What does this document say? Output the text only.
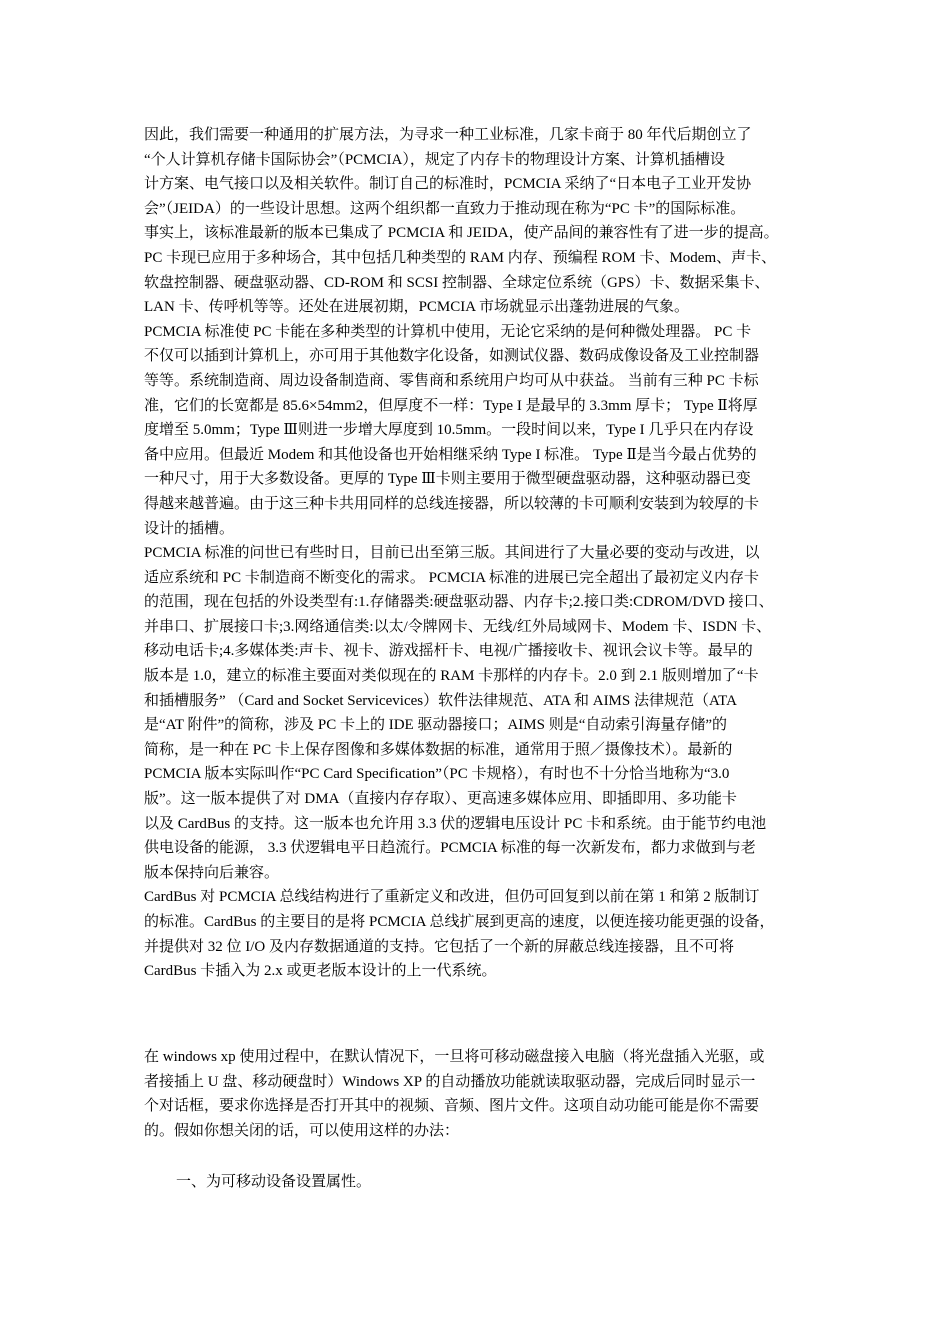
因此，我们需要一种通用的扩展方法，为寻求一种工业标准，几家卡商于 80 年代后期创立了
“个人计算机存储卡国际协会”（PCMCIA），规定了内存卡的物理设计方案、计算机插槽设
计方案、电气接口以及相关软件。制订自己的标准时，PCMCIA 采纳了“日本电子工业开发协
会”（JEIDA）的一些设计思想。这两个组织都一直致力于推动现在称为“PC 卡”的国际标准。
事实上，该标准最新的版本已集成了 PCMCIA 和 JEIDA，使产品间的兼容性有了进一步的提高。
PC 卡现已应用于多种场合，其中包括几种类型的 RAM 内存、预编程 ROM 卡、Modem、声卡、
软盘控制器、硬盘驱动器、CD-ROM 和 SCSI 控制器、全球定位系统（GPS）卡、数据采集卡、
LAN 卡、传呼机等等。还处在进展初期，PCMCIA 市场就显示出蓬勃进展的气象。
PCMCIA 标准使 PC 卡能在多种类型的计算机中使用，无论它采纳的是何种微处理器。 PC 卡
不仅可以插到计算机上，亦可用于其他数字化设备，如测试仪器、数码成像设备及工业控制器
等等。系统制造商、周边设备制造商、零售商和系统用户均可从中获益。 当前有三种 PC 卡标
准，它们的长宽都是 85.6×54mm2，但厚度不一样：Type I 是最早的 3.3mm 厚卡； Type Ⅱ将厚
度增至 5.0mm；Type Ⅲ则进一步增大厚度到 10.5mm。一段时间以来，Type I 几乎只在内存设
备中应用。但最近 Modem 和其他设备也开始相继采纳 Type I 标准。 Type Ⅱ是当今最占优势的
一种尺寸，用于大多数设备。更厚的 Type Ⅲ卡则主要用于微型硬盘驱动器，这种驱动器已变
得越来越普遍。由于这三种卡共用同样的总线连接器，所以较薄的卡可顺利安装到为较厚的卡
设计的插槽。
PCMCIA 标准的问世已有些时日，目前已出至第三版。其间进行了大量必要的变动与改进，以
适应系统和 PC 卡制造商不断变化的需求。 PCMCIA 标准的进展已完全超出了最初定义内存卡
的范围，现在包括的外设类型有:1.存储器类:硬盘驱动器、内存卡;2.接口类:CDROM/DVD 接口、
并串口、扩展接口卡;3.网络通信类:以太/令牌网卡、无线/红外局域网卡、Modem 卡、ISDN 卡、
移动电话卡;4.多媒体类:声卡、视卡、游戏摇杆卡、电视/广播接收卡、视讯会议卡等。最早的
版本是 1.0，建立的标准主要面对类似现在的 RAM 卡那样的内存卡。2.0 到 2.1 版则增加了“卡
和插槽服务” （Card and Socket Servicevices）软件法律规范、ATA 和 AIMS 法律规范（ATA
是“AT 附件”的简称，涉及 PC 卡上的 IDE 驱动器接口；AIMS 则是“自动索引海量存储”的
简称，是一种在 PC 卡上保存图像和多媒体数据的标准，通常用于照／摄像技术）。最新的
PCMCIA 版本实际叫作“PC Card Specification”（PC 卡规格），有时也不十分恰当地称为“3.0
版”。这一版本提供了对 DMA（直接内存存取）、更高速多媒体应用、即插即用、多功能卡
以及 CardBus 的支持。这一版本也允许用 3.3 伏的逻辑电压设计 PC 卡和系统。由于能节约电池
供电设备的能源， 3.3 伏逻辑电平日趋流行。PCMCIA 标准的每一次新发布，都力求做到与老
版本保持向后兼容。
CardBus 对 PCMCIA 总线结构进行了重新定义和改进，但仍可回复到以前在第 1 和第 2 版制订
的标准。CardBus 的主要目的是将 PCMCIA 总线扩展到更高的速度，以便连接功能更强的设备，
并提供对 32 位 I/O 及内存数据通道的支持。它包括了一个新的屏蔽总线连接器，且不可将
CardBus 卡插入为 2.x 或更老版本设计的上一代系统。
在 windows xp 使用过程中，在默认情况下，一旦将可移动磁盘接入电脑（将光盘插入光驱，或
者接插上 U 盘、移动硬盘时）Windows XP 的自动播放功能就读取驱动器，完成后同时显示一
个对话框，要求你选择是否打开其中的视频、音频、图片文件。这项自动功能可能是你不需要
的。假如你想关闭的话，可以使用这样的办法：
一、为可移动设备设置属性。
